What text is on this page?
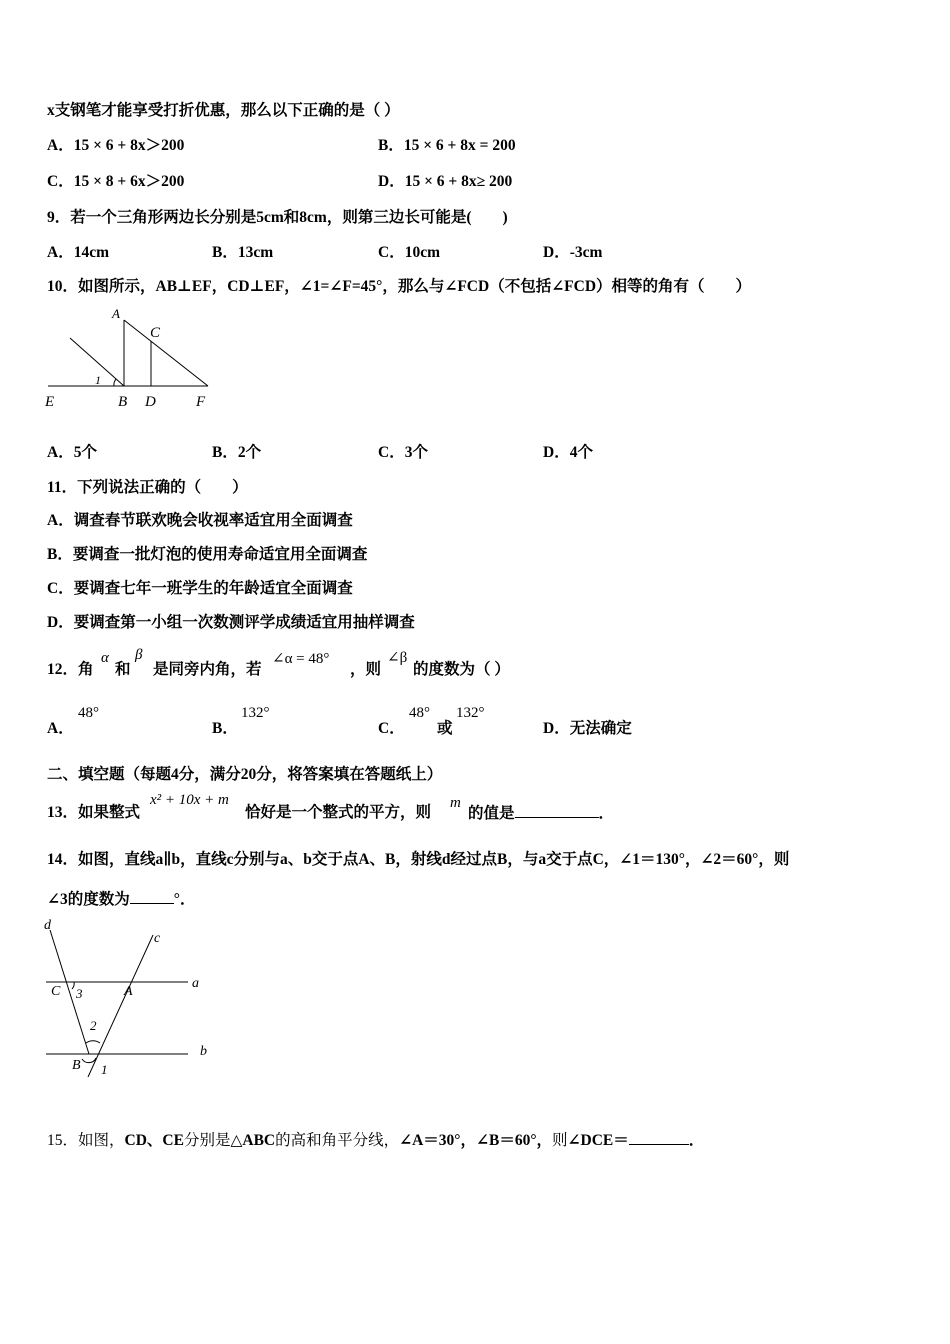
x支钢笔才能享受打折优惠，那么以下正确的是（ ）
A．15 × 6 + 8x＞200	B．15 × 6 + 8x = 200
C．15 × 8 + 6x＞200	D．15 × 6 + 8x≥ 200
9．若一个三角形两边长分别是5cm和8cm，则第三边长可能是(　　)
A．14cm	B．13cm	C．10cm	D．-3cm
10．如图所示，AB⊥EF，CD⊥EF，∠1=∠F=45°，那么与∠FCD（不包括∠FCD）相等的角有（　　）
A
C
1
E	B D	F
A．5个	B．2个	C．3个	D．4个
11．下列说法正确的（　　）
A．调查春节联欢晚会收视率适宜用全面调查
B．要调查一批灯泡的使用寿命适宜用全面调查
C．要调查七年一班学生的年龄适宜全面调查
D．要调查第一小组一次数测评学成绩适宜用抽样调查
12．角
α
和
β
是同旁内角，若
∠α = 48°
，则
∠β
的度数为（ ）
A．
48°
B．
132°
C．
48°
或
132°
D．无法确定
二、填空题（每题4分，满分20分，将答案填在答题纸上）
13．如果整式
x² + 10x + m
恰好是一个整式的平方，则
m
的值是	．
14．如图，直线a∥b，直线c分别与a、b交于点A、B，射线d经过点B，与a交于点C，∠1＝130°，∠2＝60°，则
∠3的度数为	°．
d
c
a
b
C 3	A
2
B 1
15．如图，CD、CE分别是△ABC的高和角平分线，∠A＝30°，∠B＝60°，则∠DCE＝	．
